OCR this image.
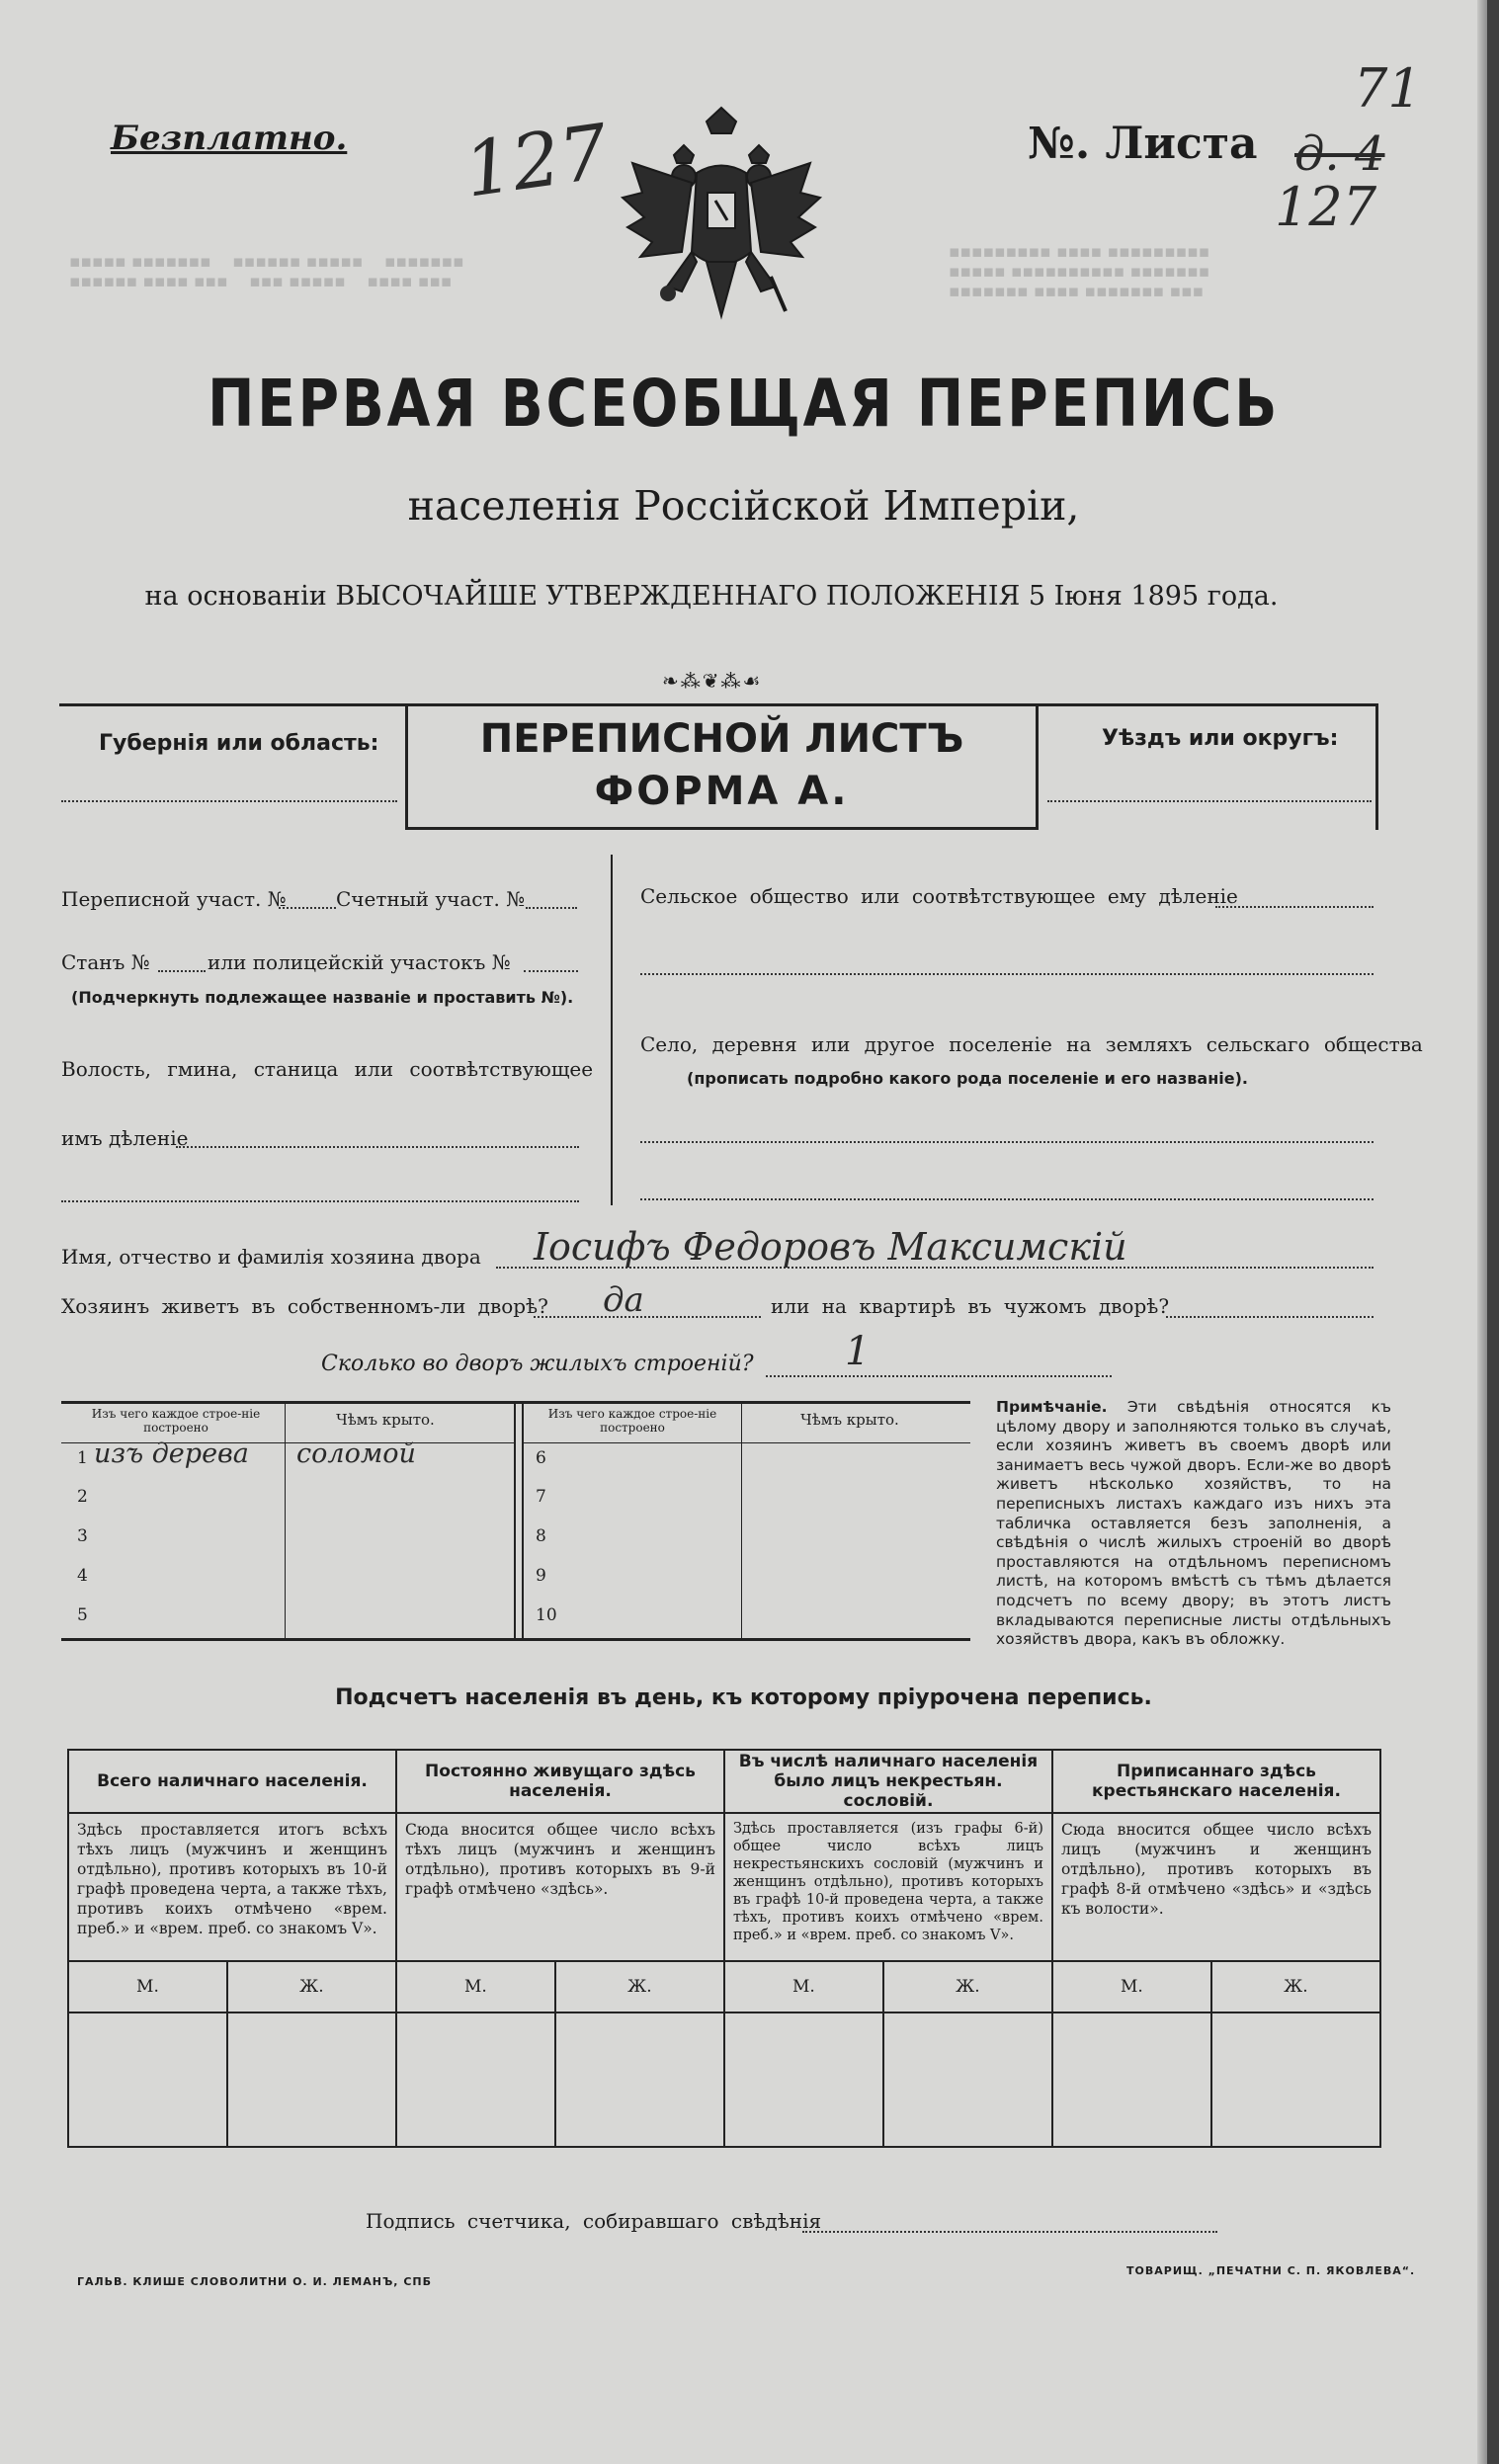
▪▪▪▪▪▪▪▪▪ ▪▪▪▪ ▪▪▪▪▪▪▪▪▪
▪▪▪▪▪ ▪▪▪▪▪▪▪▪▪▪ ▪▪▪▪▪▪▪
▪▪▪▪▪▪▪ ▪▪▪▪ ▪▪▪▪▪▪▪ ▪▪▪
▪▪▪▪▪ ▪▪▪▪▪▪▪    ▪▪▪▪▪▪ ▪▪▪▪▪    ▪▪▪▪▪▪▪
▪▪▪▪▪▪ ▪▪▪▪ ▪▪▪    ▪▪▪ ▪▪▪▪▪    ▪▪▪▪ ▪▪▪
Безплатно. 127	№. Листа
71
д. 4
127
ПЕРВАЯ ВСЕОБЩАЯ ПЕРЕПИСЬ
населенія Россійской Имперіи,
на основаніи ВЫСОЧАЙШЕ УТВЕРЖДЕННАГО ПОЛОЖЕНІЯ 5 Іюня 1895 года.
❧⁂❦⁂☙
Губернія или область:	ПЕРЕПИСНОЙ ЛИСТЪ
ФОРМА А.
Уѣздъ или округъ:
Переписной участ. №	Счетный участ. №
Станъ №	или полицейскій участокъ №
(Подчеркнуть подлежащее названіе и проставить №).
Волость, гмина, станица или соотвѣтствующее
имъ дѣленіе
Сельское общество или соотвѣтствующее ему дѣленіе
Село, деревня или другое поселеніе на земляхъ сельскаго общества
(прописать подробно какого рода поселеніе и его названіе).
Имя, отчество и фамилія хозяина двора Іосифъ Федоровъ Максимскій
Хозяинъ живетъ въ собственномъ-ли дворѣ? да	или на квартирѣ въ чужомъ дворѣ?
Сколько во дворъ жилыхъ строеній? 1
Изъ чего каждое строе-ніе построено	Чѣмъ крыто.	Изъ чего каждое строе-ніе построено	Чѣмъ крыто.
1 изъ дерева соломой
2
3
4
5
6
7
8
9
10
Примѣчаніе. Эти свѣдѣнія относятся къ цѣлому двору и заполняются только въ случаѣ, если хозяинъ живетъ въ своемъ дворѣ или занимаетъ весь чужой дворъ. Если-же во дворѣ живетъ нѣсколько хозяйствъ, то на переписныхъ листахъ каждаго изъ нихъ эта табличка оставляется безъ заполненія, а свѣдѣнія о числѣ жилыхъ строеній во дворѣ проставляются на отдѣльномъ переписномъ листѣ, на которомъ вмѣстѣ съ тѣмъ дѣлается подсчетъ по всему двору; въ этотъ листъ вкладываются переписные листы отдѣльныхъ хозяйствъ двора, какъ въ обложку.
Подсчетъ населенія въ день, къ которому пріурочена перепись.
Всего наличнаго населенія.		Постоянно живущаго здѣсь населенія.		Въ числѣ наличнаго населенія было лицъ некрестьян. сословій.		Приписаннаго здѣсь крестьянскаго населенія.	
Здѣсь проставляется итогъ всѣхъ тѣхъ лицъ (мужчинъ и женщинъ отдѣльно), противъ которыхъ въ 10-й графѣ проведена черта, а также тѣхъ, противъ коихъ отмѣчено «врем. преб.» и «врем. преб. со знакомъ V».		Сюда вносится общее число всѣхъ тѣхъ лицъ (мужчинъ и женщинъ отдѣльно), противъ которыхъ въ 9-й графѣ отмѣчено «здѣсь».		Здѣсь проставляется (изъ графы 6-й) общее число всѣхъ лицъ некрестьянскихъ сословій (мужчинъ и женщинъ отдѣльно), противъ которыхъ въ графѣ 10-й проведена черта, а также тѣхъ, противъ коихъ отмѣчено «врем. преб.» и «врем. преб. со знакомъ V».		Сюда вносится общее число всѣхъ лицъ (мужчинъ и женщинъ отдѣльно), противъ которыхъ въ графѣ 8-й отмѣчено «здѣсь» и «здѣсь къ волости».	
М.	Ж.	М.	Ж.	М.	Ж.	М.	Ж.

Подпись счетчика, собиравшаго свѣдѣнія
ГАЛЬВ. КЛИШЕ СЛОВОЛИТНИ О. И. ЛЕМАНЪ, СПБ
ТОВАРИЩ. „ПЕЧАТНИ С. П. ЯКОВЛЕВА“.
